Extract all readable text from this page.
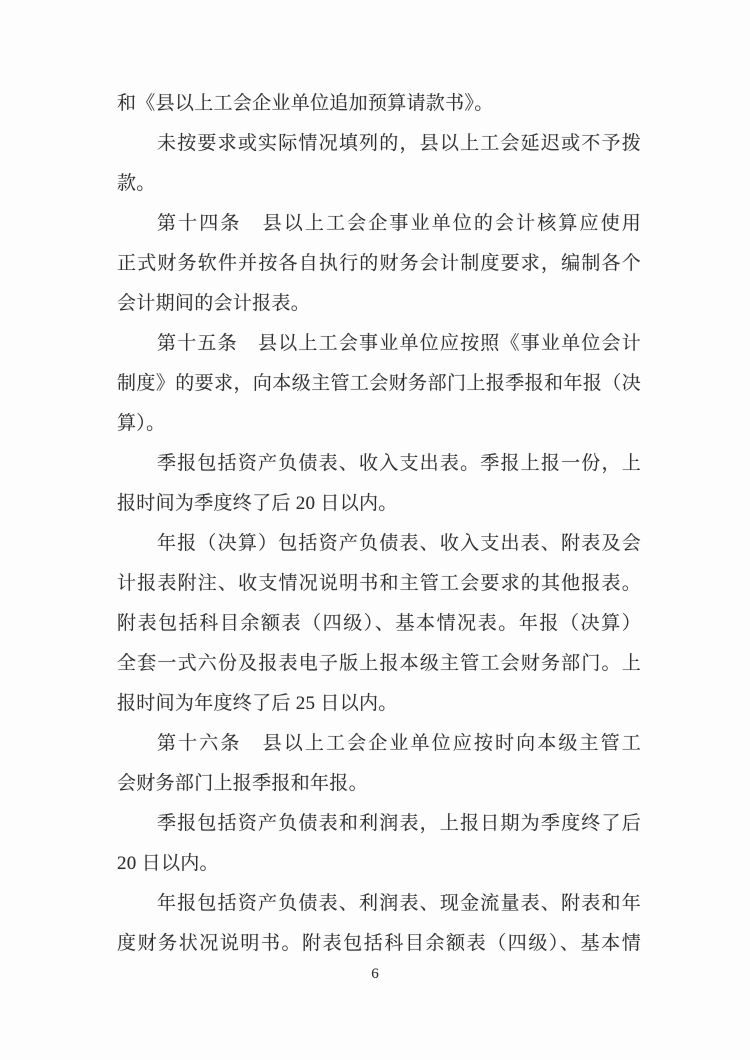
和《县以上工会企业单位追加预算请款书》。
未按要求或实际情况填列的，县以上工会延迟或不予拨
款。
第十四条　县以上工会企事业单位的会计核算应使用
正式财务软件并按各自执行的财务会计制度要求，编制各个
会计期间的会计报表。
第十五条　县以上工会事业单位应按照《事业单位会计
制度》的要求，向本级主管工会财务部门上报季报和年报（决
算）。
季报包括资产负债表、收入支出表。季报上报一份，上
报时间为季度终了后 20 日以内。
年报（决算）包括资产负债表、收入支出表、附表及会
计报表附注、收支情况说明书和主管工会要求的其他报表。
附表包括科目余额表（四级）、基本情况表。年报（决算）
全套一式六份及报表电子版上报本级主管工会财务部门。上
报时间为年度终了后 25 日以内。
第十六条　县以上工会企业单位应按时向本级主管工
会财务部门上报季报和年报。
季报包括资产负债表和利润表，上报日期为季度终了后
20 日以内。
年报包括资产负债表、利润表、现金流量表、附表和年
度财务状况说明书。附表包括科目余额表（四级）、基本情
6
